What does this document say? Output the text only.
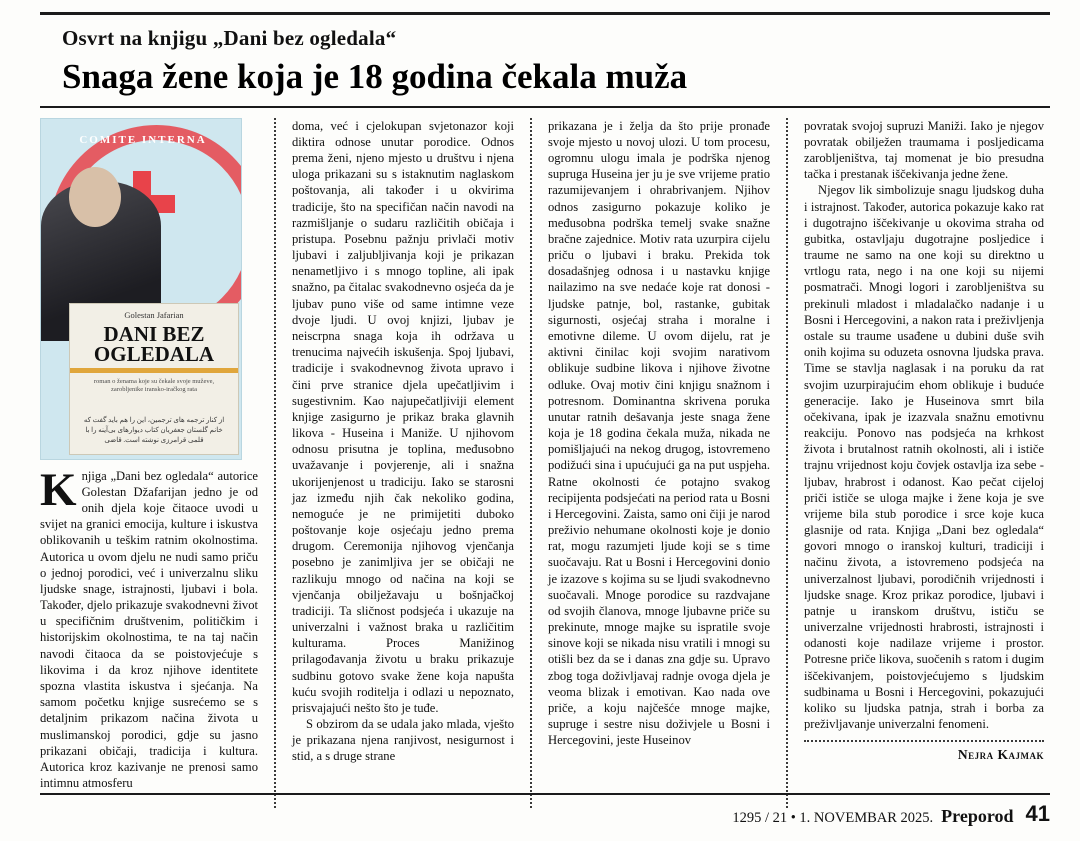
Osvrt na knjigu „Dani bez ogledala“
Snaga žene koja je 18 godina čekala muža
COMITE INTERNA
Golestan Jafarian
DANI BEZ
OGLEDALA
roman o ženama koje su čekale svoje muževe, zarobljenike iransko-iračkog rata
از کنار ترجمه های ترجمین، این را هم باید گفت که خانم گلستان جعفریان کتاب دیوارهای بی‌آینه را با قلمی قرامرزی نوشته است. قاضی

Knjiga „Dani bez ogledala“ autorice Golestan Džafarijan jedno je od onih djela koje čitaoce uvodi u svijet na granici emocija, kulture i iskustva oblikovanih u teškim ratnim okolnostima. Autorica u ovom djelu ne nudi samo priču o jednoj porodici, već i univerzalnu sliku ljudske snage, istrajnosti, ljubavi i bola. Također, djelo prikazuje svakodnevni život u specifičnim društvenim, političkim i historijskim okolnostima, te na taj način navodi čitaoca da se poistovjećuje s likovima i da kroz njihove identitete spozna vlastita iskustva i sjećanja. Na samom početku knjige susrećemo se s detaljnim prikazom načina života u muslimanskoj porodici, gdje su jasno prikazani običaji, tradicija i kultura. Autorica kroz kazivanje ne prenosi samo intimnu atmosferu

doma, već i cjelokupan svjetonazor koji diktira odnose unutar porodice. Odnos prema ženi, njeno mjesto u društvu i njena uloga prikazani su s istaknutim naglaskom poštovanja, ali također i u okvirima tradicije, što na specifičan način navodi na razmišljanje o sudaru različitih običaja i pristupa. Posebnu pažnju privlači motiv ljubavi i zaljubljivanja koji je prikazan nenametljivo i s mnogo topline, ali ipak snažno, pa čitalac svakodnevno osjeća da je ljubav puno više od same intimne veze dvoje ljudi. U ovoj knjizi, ljubav je neiscrpna snaga koja ih održava u trenucima najvećih iskušenja. Spoj ljubavi, tradicije i svakodnevnog života upravo i čini prve stranice djela upečatljivim i sugestivnim. Kao najupečatljiviji element knjige zasigurno je prikaz braka glavnih likova - Huseina i Maniže. U njihovom odnosu prisutna je toplina, međusobno uvažavanje i povjerenje, ali i snažna ukorijenjenost u tradiciju. Iako se starosni jaz između njih čak nekoliko godina, nemoguće je ne primijetiti duboko poštovanje koje osjećaju jedno prema drugom. Ceremonija njihovog vjenčanja posebno je zanimljiva jer se običaji ne razlikuju mnogo od načina na koji se vjenčanja obilježavaju u bošnjačkoj tradiciji. Ta sličnost podsjeća i ukazuje na univerzalni i važnost braka u različitim kulturama. Proces Manižinog prilagođavanja životu u braku prikazuje sudbinu gotovo svake žene koja napušta kuću svojih roditelja i odlazi u nepoznato, prisvajajući nešto što je tuđe.

S obzirom da se udala jako mlada, vješto je prikazana njena ranjivost, nesigurnost i stid, a s druge strane

prikazana je i želja da što prije pronađe svoje mjesto u novoj ulozi. U tom procesu, ogromnu ulogu imala je podrška njenog supruga Huseina jer ju je sve vrijeme pratio razumijevanjem i ohrabrivanjem. Njihov odnos zasigurno pokazuje koliko je međusobna podrška temelj svake snažne bračne zajednice. Motiv rata uzurpira cijelu priču o ljubavi i braku. Prekida tok dosadašnjeg odnosa i u nastavku knjige nailazimo na sve nedaće koje rat donosi - ljudske patnje, bol, rastanke, gubitak sigurnosti, osjećaj straha i moralne i emotivne dileme. U ovom dijelu, rat je aktivni činilac koji svojim narativom oblikuje sudbine likova i njihove životne odluke. Ovaj motiv čini knjigu snažnom i potresnom. Dominantna skrivena poruka unutar ratnih dešavanja jeste snaga žene koja je 18 godina čekala muža, nikada ne pomišljajući na nekog drugog, istovremeno podižući sina i upućujući ga na put uspjeha. Ratne okolnosti će potajno svakog recipijenta podsjećati na period rata u Bosni i Hercegovini. Zaista, samo oni čiji je narod preživio nehumane okolnosti koje je donio rat, mogu razumjeti ljude koji se s time suočavaju. Rat u Bosni i Hercegovini donio je izazove s kojima su se ljudi svakodnevno suočavali. Mnoge porodice su razdvajane od svojih članova, mnoge ljubavne priče su prekinute, mnoge majke su ispratile svoje sinove koji se nikada nisu vratili i mnogi su otišli bez da se i danas zna gdje su. Upravo zbog toga doživljavaj radnje ovoga djela je veoma blizak i emotivan. Kao nada ove priče, a koju najčešće mnoge majke, supruge i sestre nisu doživjele u Bosni i Hercegovini, jeste Huseinov

povratak svojoj supruzi Maniži. Iako je njegov povratak obilježen traumama i posljedicama zarobljeništva, taj momenat je bio presudna tačka i prestanak iščekivanja jedne žene.

Njegov lik simbolizuje snagu ljudskog duha i istrajnost. Također, autorica pokazuje kako rat i dugotrajno iščekivanje u okovima straha od gubitka, ostavljaju dugotrajne posljedice i traume ne samo na one koji su direktno u vrtlogu rata, nego i na one koji su nijemi posmatrači. Mnogi logori i zarobljeništva su prekinuli mladost i mladalačko nadanje i u Bosni i Hercegovini, a nakon rata i preživljenja ostale su traume usađene u dubini duše svih onih kojima su oduzeta osnovna ljudska prava. Time se stavlja naglasak i na poruku da rat svojim uzurpirajućim ehom oblikuje i buduće generacije. Iako je Huseinova smrt bila očekivana, ipak je izazvala snažnu emotivnu reakciju. Ponovo nas podsjeća na krhkost života i brutalnost ratnih okolnosti, ali i ističe trajnu vrijednost koju čovjek ostavlja iza sebe - ljubav, hrabrost i odanost. Kao pečat cijeloj priči ističe se uloga majke i žene koja je sve vrijeme bila stub porodice i srce koje kuca glasnije od rata. Knjiga „Dani bez ogledala“ govori mnogo o iranskoj kulturi, tradiciji i načinu života, a istovremeno podsjeća na univerzalnost ljubavi, porodičnih vrijednosti i ljudske snage. Kroz prikaz porodice, ljubavi i patnje u iranskom društvu, ističu se univerzalne vrijednosti hrabrosti, istrajnosti i odanosti koje nadilaze vrijeme i prostor. Potresne priče likova, suočenih s ratom i dugim iščekivanjem, poistovjećujemo s ljudskim sudbinama u Bosni i Hercegovini, pokazujući koliko su ljudska patnja, strah i borba za preživljavanje univerzalni fenomeni.

Nejra Kajmak
1295 / 21 • 1. NOVEMBAR 2025. Preporod 41
